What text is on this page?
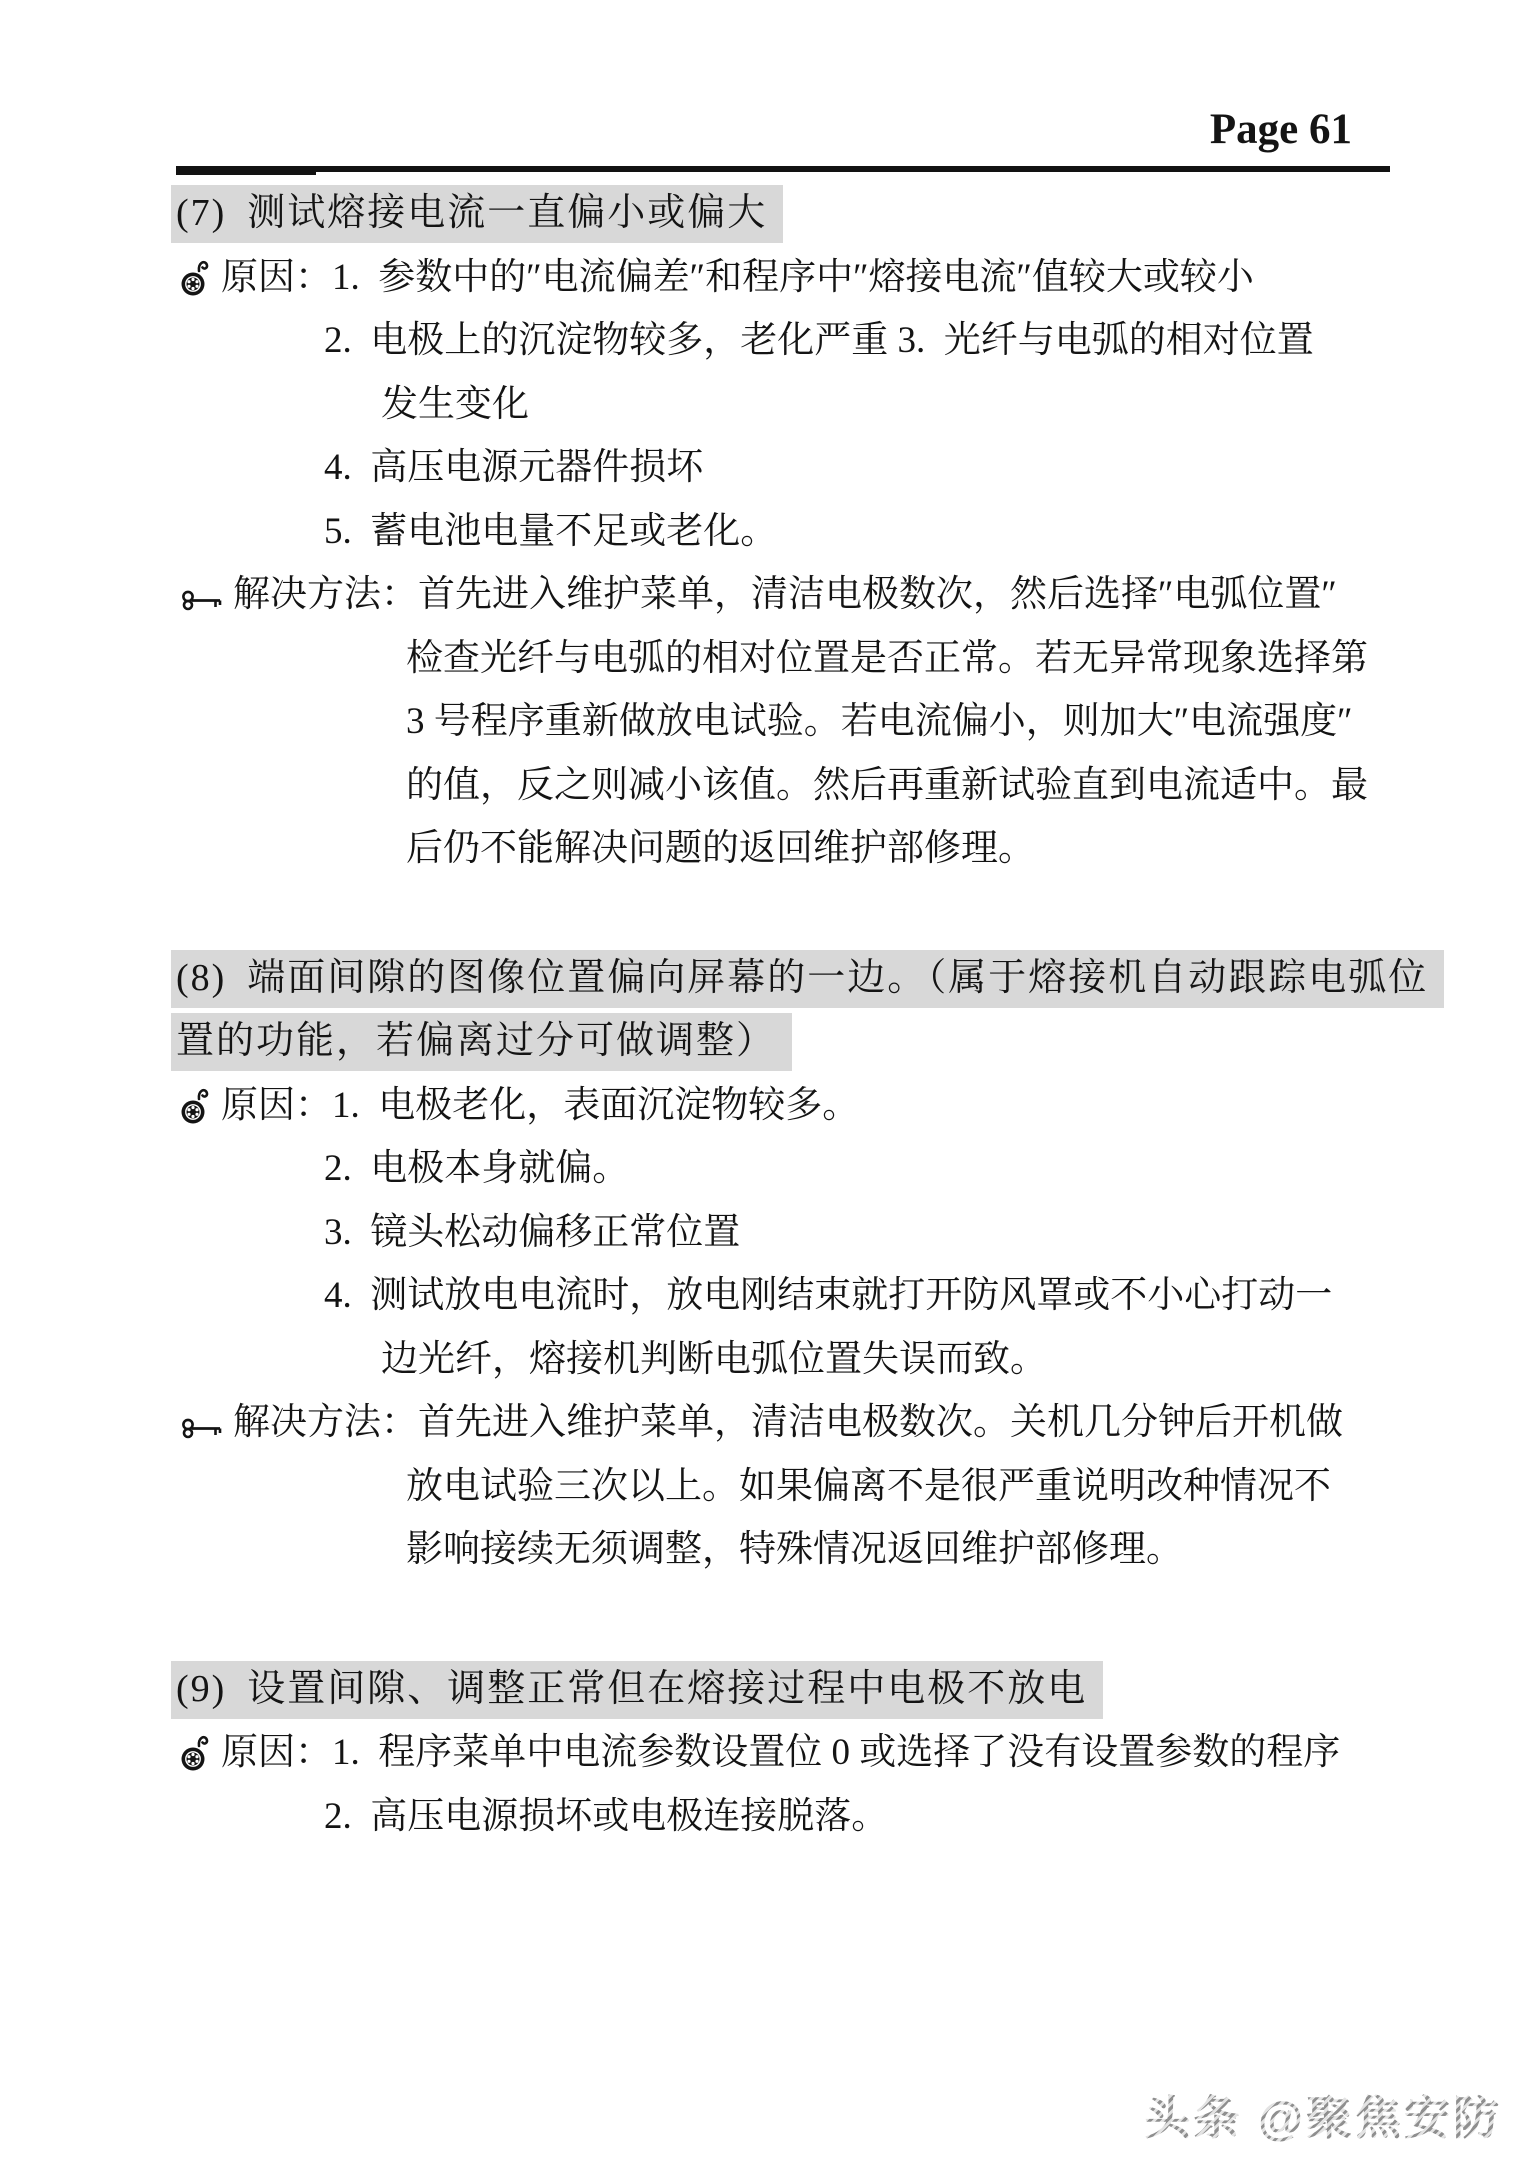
Page 61
(7) 测试熔接电流一直偏小或偏大
原因：1. 参数中的″电流偏差″和程序中″熔接电流″值较大或较小
2. 电极上的沉淀物较多，老化严重 3. 光纤与电弧的相对位置
发生变化
4. 高压电源元器件损坏
5. 蓄电池电量不足或老化。
解决方法：首先进入维护菜单，清洁电极数次，然后选择″电弧位置″
检查光纤与电弧的相对位置是否正常。若无异常现象选择第
3 号程序重新做放电试验。若电流偏小，则加大″电流强度″
的值，反之则减小该值。然后再重新试验直到电流适中。最
后仍不能解决问题的返回维护部修理。
(8) 端面间隙的图像位置偏向屏幕的一边。（属于熔接机自动跟踪电弧位
置的功能，若偏离过分可做调整）
原因：1. 电极老化，表面沉淀物较多。
2. 电极本身就偏。
3. 镜头松动偏移正常位置
4. 测试放电电流时，放电刚结束就打开防风罩或不小心打动一
边光纤，熔接机判断电弧位置失误而致。
解决方法：首先进入维护菜单，清洁电极数次。关机几分钟后开机做
放电试验三次以上。如果偏离不是很严重说明改种情况不
影响接续无须调整，特殊情况返回维护部修理。
(9) 设置间隙、调整正常但在熔接过程中电极不放电
原因：1. 程序菜单中电流参数设置位 0 或选择了没有设置参数的程序
2. 高压电源损坏或电极连接脱落。
头条 @聚焦安防
